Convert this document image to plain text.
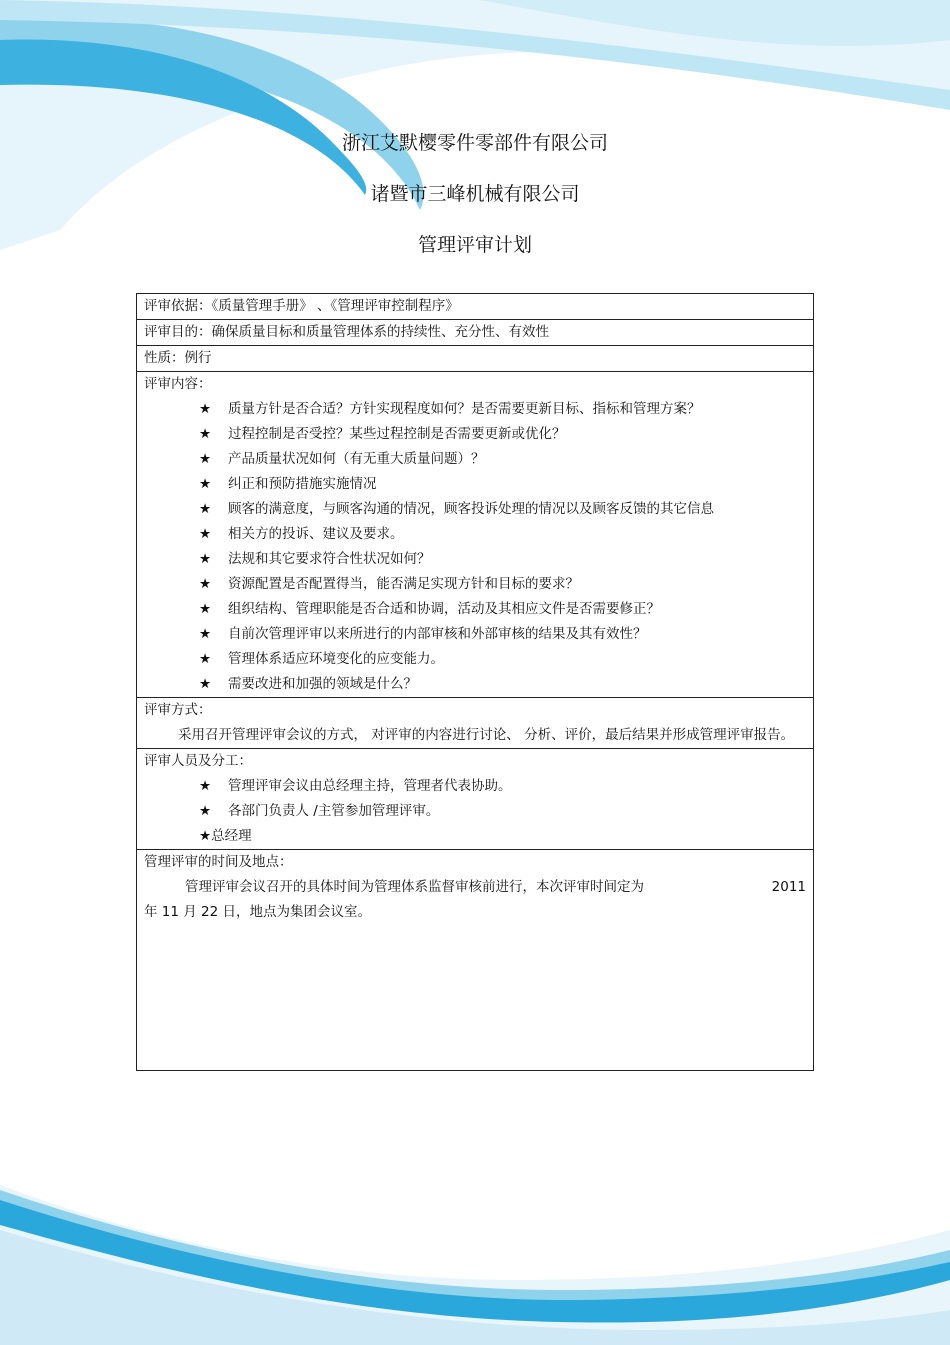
浙江艾默樱零件零部件有限公司
诸暨市三峰机械有限公司
管理评审计划
评审依据：《质量管理手册》 、《管理评审控制程序》
评审目的：确保质量目标和质量管理体系的持续性、充分性、有效性
性质：例行
评审内容：
★ 质量方针是否合适？方针实现程度如何？是否需要更新目标、指标和管理方案？
★ 过程控制是否受控？某些过程控制是否需要更新或优化？
★ 产品质量状况如何（有无重大质量问题）？
★ 纠正和预防措施实施情况
★ 顾客的满意度，与顾客沟通的情况，顾客投诉处理的情况以及顾客反馈的其它信息
★ 相关方的投诉、建议及要求。
★ 法规和其它要求符合性状况如何？
★ 资源配置是否配置得当，能否满足实现方针和目标的要求？
★ 组织结构、管理职能是否合适和协调，活动及其相应文件是否需要修正？
★ 自前次管理评审以来所进行的内部审核和外部审核的结果及其有效性？
★ 管理体系适应环境变化的应变能力。
★ 需要改进和加强的领域是什么？
评审方式：
采用召开管理评审会议的方式， 对评审的内容进行讨论、 分析、评价，最后结果并形成管理评审报告。
评审人员及分工：
★ 管理评审会议由总经理主持，管理者代表协助。
★ 各部门负责人 /主管参加管理评审。
★总经理
管理评审的时间及地点：
管理评审会议召开的具体时间为管理体系监督审核前进行，本次评审时间定为	2011
年 11 月 22 日，地点为集团会议室。
